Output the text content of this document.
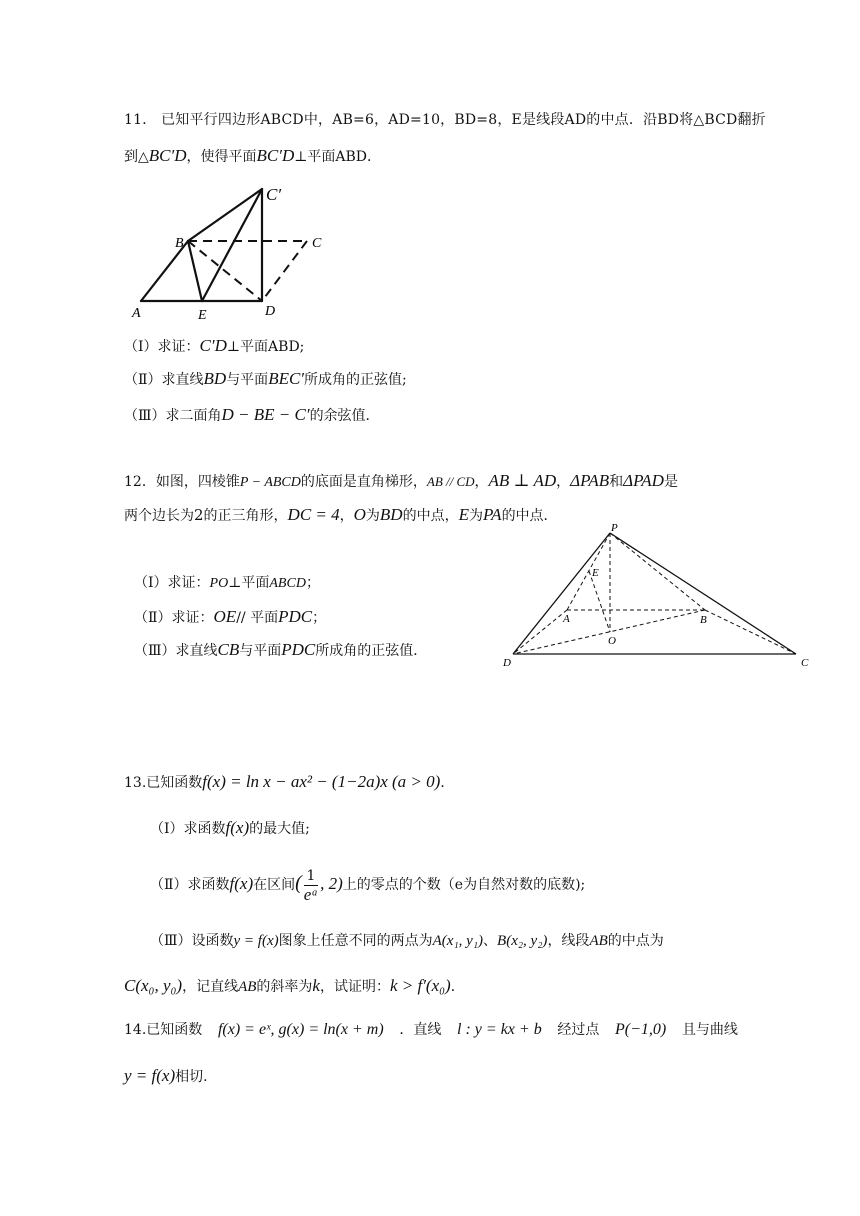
11． 已知平行四边形ABCD中，AB=6，AD=10，BD=8，E是线段AD的中点．沿BD将△BCD翻折
到△BC′D，使得平面BC′D⊥平面ABD．
C′
B	C
A	E	D
（Ⅰ）求证：C′D⊥平面ABD;
（Ⅱ）求直线BD与平面BEC′所成角的正弦值;
（Ⅲ）求二面角D − BE − C′的余弦值．
12．如图，四棱锥P − ABCD的底面是直角梯形，AB // CD，AB ⊥ AD，ΔPAB和ΔPAD是
两个边长为2的正三角形，DC = 4，O为BD的中点，E为PA的中点．
（Ⅰ）求证：PO⊥平面ABCD；
（Ⅱ）求证：OE// 平面PDC；
（Ⅲ）求直线CB与平面PDC所成角的正弦值．
P
E
A	B
O
D	C
13.已知函数f(x) = ln x − ax² − (1−2a)x (a > 0)．
（Ⅰ）求函数f(x)的最大值;
（Ⅱ）求函数f(x)在区间( $\frac{1}{\text{eᵃ}}$ , 2)上的零点的个数（e为自然对数的底数);
（Ⅲ）设函数y = f(x)图象上任意不同的两点为A(x₁, y₁)、B(x₂, y₂)，线段AB的中点为
C(x₀, y₀)，记直线AB的斜率为k，试证明：k > f′(x₀)．
14.已知函数 f(x) = eˣ, g(x) = ln(x + m) ．直线 l : y = kx + b 经过点 P(−1,0) 且与曲线
y = f(x)相切.
